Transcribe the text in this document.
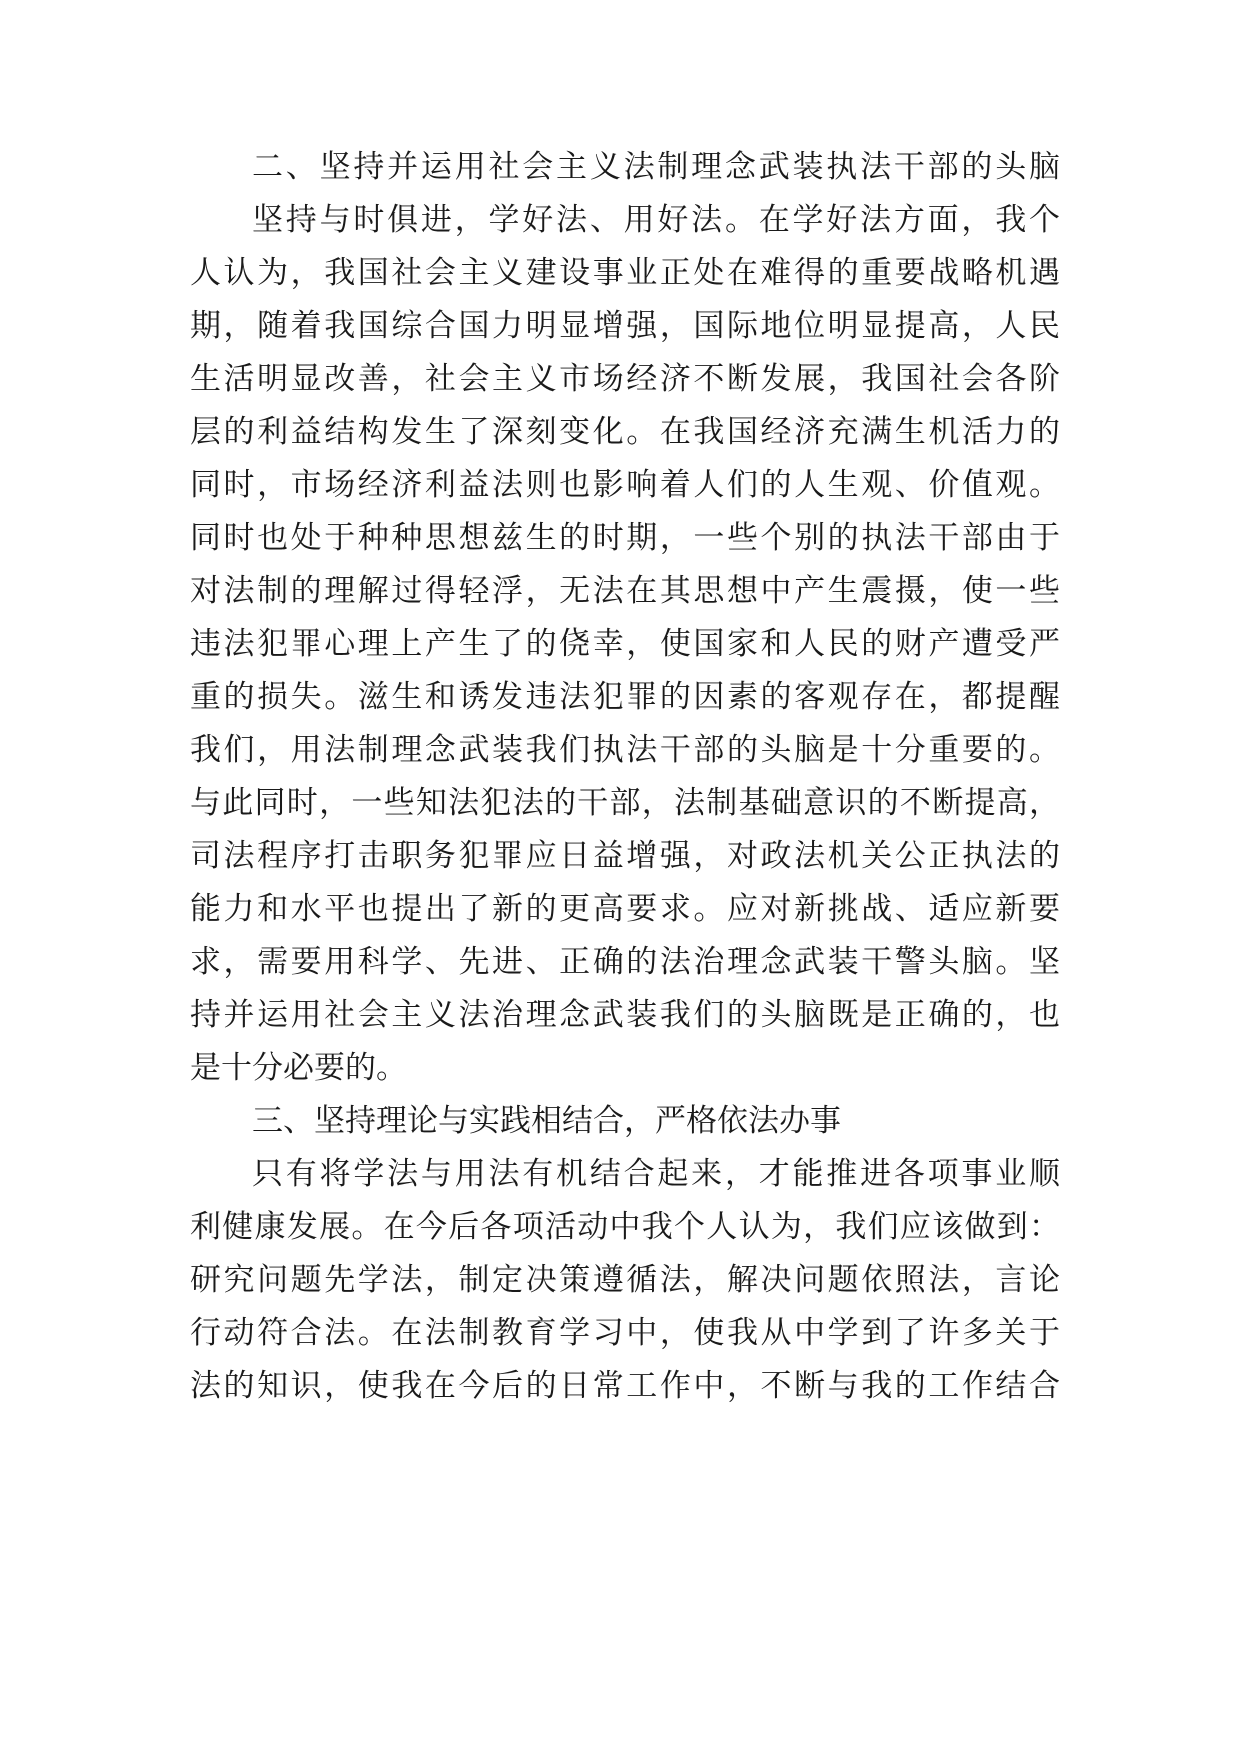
二、坚持并运用社会主义法制理念武装执法干部的头脑
坚持与时俱进，学好法、用好法。在学好法方面，我个
人认为，我国社会主义建设事业正处在难得的重要战略机遇
期，随着我国综合国力明显增强，国际地位明显提高，人民
生活明显改善，社会主义市场经济不断发展，我国社会各阶
层的利益结构发生了深刻变化。在我国经济充满生机活力的
同时，市场经济利益法则也影响着人们的人生观、价值观。
同时也处于种种思想兹生的时期，一些个别的执法干部由于
对法制的理解过得轻浮，无法在其思想中产生震摄，使一些
违法犯罪心理上产生了的侥幸，使国家和人民的财产遭受严
重的损失。滋生和诱发违法犯罪的因素的客观存在，都提醒
我们，用法制理念武装我们执法干部的头脑是十分重要的。
与此同时，一些知法犯法的干部，法制基础意识的不断提高，
司法程序打击职务犯罪应日益增强，对政法机关公正执法的
能力和水平也提出了新的更高要求。应对新挑战、适应新要
求，需要用科学、先进、正确的法治理念武装干警头脑。坚
持并运用社会主义法治理念武装我们的头脑既是正确的，也
是十分必要的。
三、坚持理论与实践相结合，严格依法办事
只有将学法与用法有机结合起来，才能推进各项事业顺
利健康发展。在今后各项活动中我个人认为，我们应该做到：
研究问题先学法，制定决策遵循法，解决问题依照法，言论
行动符合法。在法制教育学习中，使我从中学到了许多关于
法的知识，使我在今后的日常工作中，不断与我的工作结合
